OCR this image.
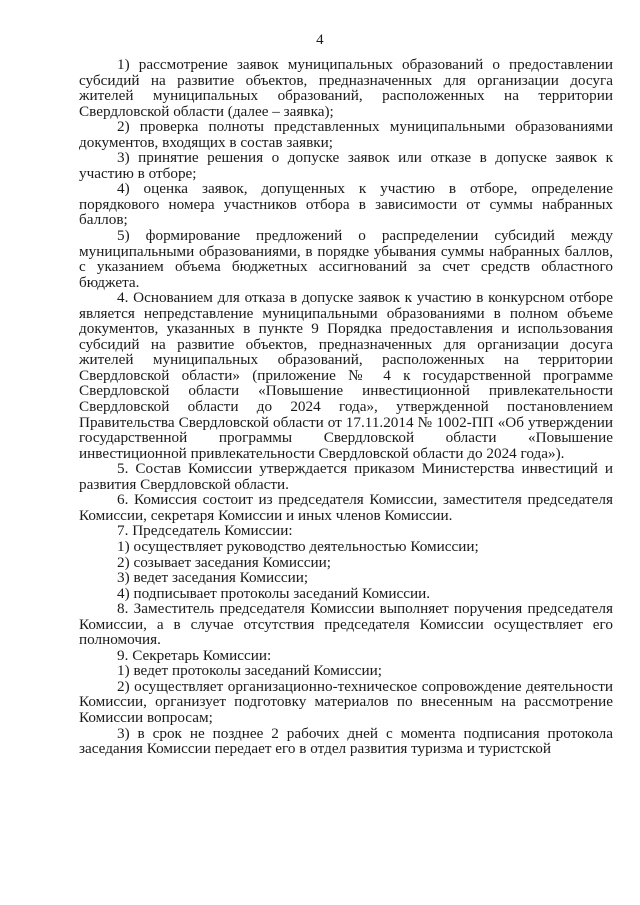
4

1) рассмотрение заявок муниципальных образований о предоставлении субсидий на развитие объектов, предназначенных для организации досуга жителей муниципальных образований, расположенных на территории Свердловской области (далее – заявка);

2) проверка полноты представленных муниципальными образованиями документов, входящих в состав заявки;

3) принятие решения о допуске заявок или отказе в допуске заявок к участию в отборе;

4) оценка заявок, допущенных к участию в отборе, определение порядкового номера участников отбора в зависимости от суммы набранных баллов;

5) формирование предложений о распределении субсидий между муниципальными образованиями, в порядке убывания суммы набранных баллов, с указанием объема бюджетных ассигнований за счет средств областного бюджета.

4. Основанием для отказа в допуске заявок к участию в конкурсном отборе является непредставление муниципальными образованиями в полном объеме документов, указанных в пункте 9 Порядка предоставления и использования субсидий на развитие объектов, предназначенных для организации досуга жителей муниципальных образований, расположенных на территории Свердловской области» (приложение № 4 к государственной программе Свердловской области «Повышение инвестиционной привлекательности Свердловской области до 2024 года», утвержденной постановлением Правительства Свердловской области от 17.11.2014 № 1002-ПП «Об утверждении государственной программы Свердловской области «Повышение инвестиционной привлекательности Свердловской области до 2024 года»).

5. Состав Комиссии утверждается приказом Министерства инвестиций и развития Свердловской области.

6. Комиссия состоит из председателя Комиссии, заместителя председателя Комиссии, секретаря Комиссии и иных членов Комиссии.

7. Председатель Комиссии:

1) осуществляет руководство деятельностью Комиссии;

2) созывает заседания Комиссии;

3) ведет заседания Комиссии;

4) подписывает протоколы заседаний Комиссии.

8. Заместитель председателя Комиссии выполняет поручения председателя Комиссии, а в случае отсутствия председателя Комиссии осуществляет его полномочия.

9. Секретарь Комиссии:

1) ведет протоколы заседаний Комиссии;

2) осуществляет организационно-техническое сопровождение деятельности Комиссии, организует подготовку материалов по внесенным на рассмотрение Комиссии вопросам;

3) в срок не позднее 2 рабочих дней с момента подписания протокола заседания Комиссии передает его в отдел развития туризма и туристской
